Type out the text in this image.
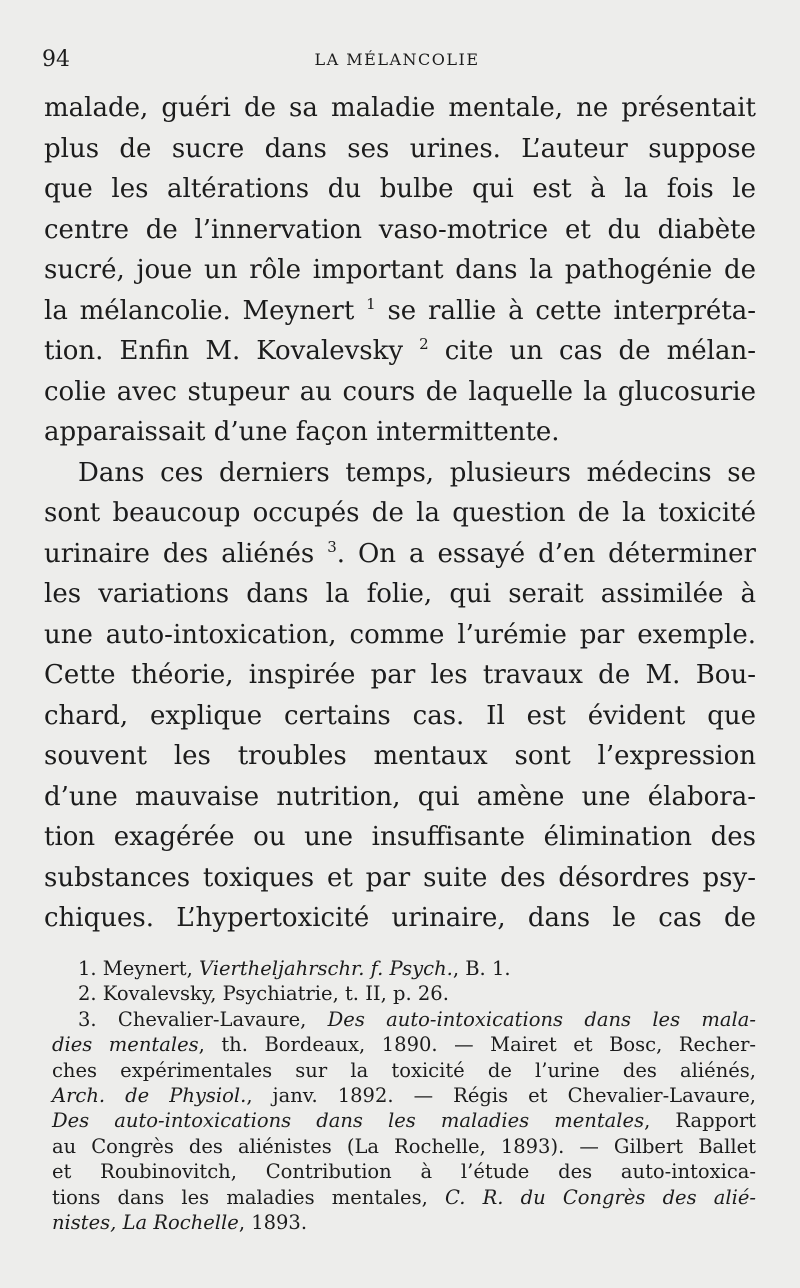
94	LA MÉLANCOLIE
malade, guéri de sa maladie mentale, ne présentait
plus de sucre dans ses urines. L’auteur suppose
que les altérations du bulbe qui est à la fois le
centre de l’innervation vaso-motrice et du diabète
sucré, joue un rôle important dans la pathogénie de
la mélancolie. Meynert $^1$ se rallie à cette interpréta-
tion. Enfin M. Kovalevsky $^2$ cite un cas de mélan-
colie avec stupeur au cours de laquelle la glucosurie
apparaissait d’une façon intermittente.
Dans ces derniers temps, plusieurs médecins se
sont beaucoup occupés de la question de la toxicité
urinaire des aliénés $^3$. On a essayé d’en déterminer
les variations dans la folie, qui serait assimilée à
une auto-intoxication, comme l’urémie par exemple.
Cette théorie, inspirée par les travaux de M. Bou-
chard, explique certains cas. Il est évident que
souvent les troubles mentaux sont l’expression
d’une mauvaise nutrition, qui amène une élabora-
tion exagérée ou une insuffisante élimination des
substances toxiques et par suite des désordres psy-
chiques. L’hypertoxicité urinaire, dans le cas de
1. Meynert, Viertheljahrschr. f. Psych., B. 1.
2. Kovalevsky, Psychiatrie, t. II, p. 26.
3. Chevalier-Lavaure, Des auto-intoxications dans les mala-
dies mentales, th. Bordeaux, 1890. — Mairet et Bosc, Recher-
ches expérimentales sur la toxicité de l’urine des aliénés,
Arch. de Physiol., janv. 1892. — Régis et Chevalier-Lavaure,
Des auto-intoxications dans les maladies mentales, Rapport
au Congrès des aliénistes (La Rochelle, 1893). — Gilbert Ballet
et Roubinovitch, Contribution à l’étude des auto-intoxica-
tions dans les maladies mentales, C. R. du Congrès des alié-
nistes, La Rochelle, 1893.
